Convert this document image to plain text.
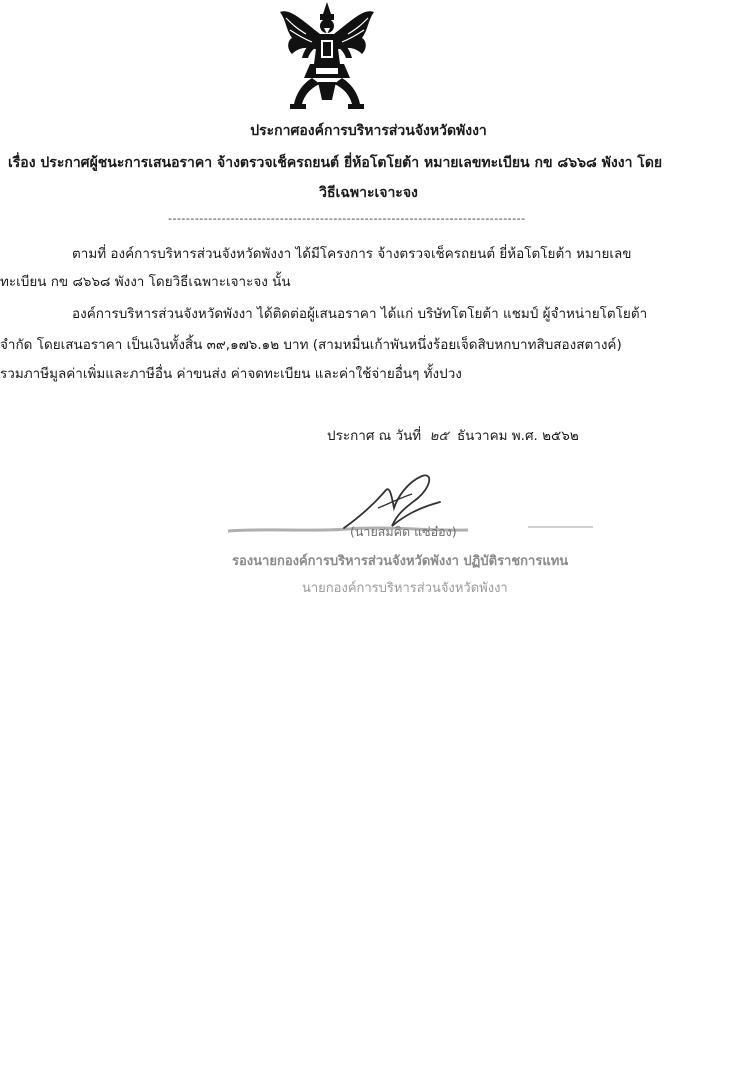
ประกาศองค์การบริหารส่วนจังหวัดพังงา
เรื่อง ประกาศผู้ชนะการเสนอราคา จ้างตรวจเช็ครถยนต์ ยี่ห้อโตโยต้า หมายเลขทะเบียน กข ๘๖๖๘ พังงา โดย
วิธีเฉพาะเจาะจง
--------------------------------------------------------------------------------
ตามที่ องค์การบริหารส่วนจังหวัดพังงา ได้มีโครงการ จ้างตรวจเช็ครถยนต์ ยี่ห้อโตโยต้า หมายเลข
ทะเบียน กข ๘๖๖๘ พังงา โดยวิธีเฉพาะเจาะจง นั้น
องค์การบริหารส่วนจังหวัดพังงา ได้ติดต่อผู้เสนอราคา ได้แก่ บริษัทโตโยต้า แชมป์ ผู้จำหน่ายโตโยต้า
จำกัด โดยเสนอราคา เป็นเงินทั้งสิ้น ๓๙,๑๗๖.๑๒ บาท (สามหมื่นเก้าพันหนึ่งร้อยเจ็ดสิบหกบาทสิบสองสตางค์)
รวมภาษีมูลค่าเพิ่มและภาษีอื่น ค่าขนส่ง ค่าจดทะเบียน และค่าใช้จ่ายอื่นๆ ทั้งปวง
ประกาศ ณ วันที่ ๒๕ ธันวาคม พ.ศ. ๒๕๖๒
(นายสมคิด แซ่อ๋อง)
รองนายกองค์การบริหารส่วนจังหวัดพังงา ปฏิบัติราชการแทน
นายกองค์การบริหารส่วนจังหวัดพังงา
